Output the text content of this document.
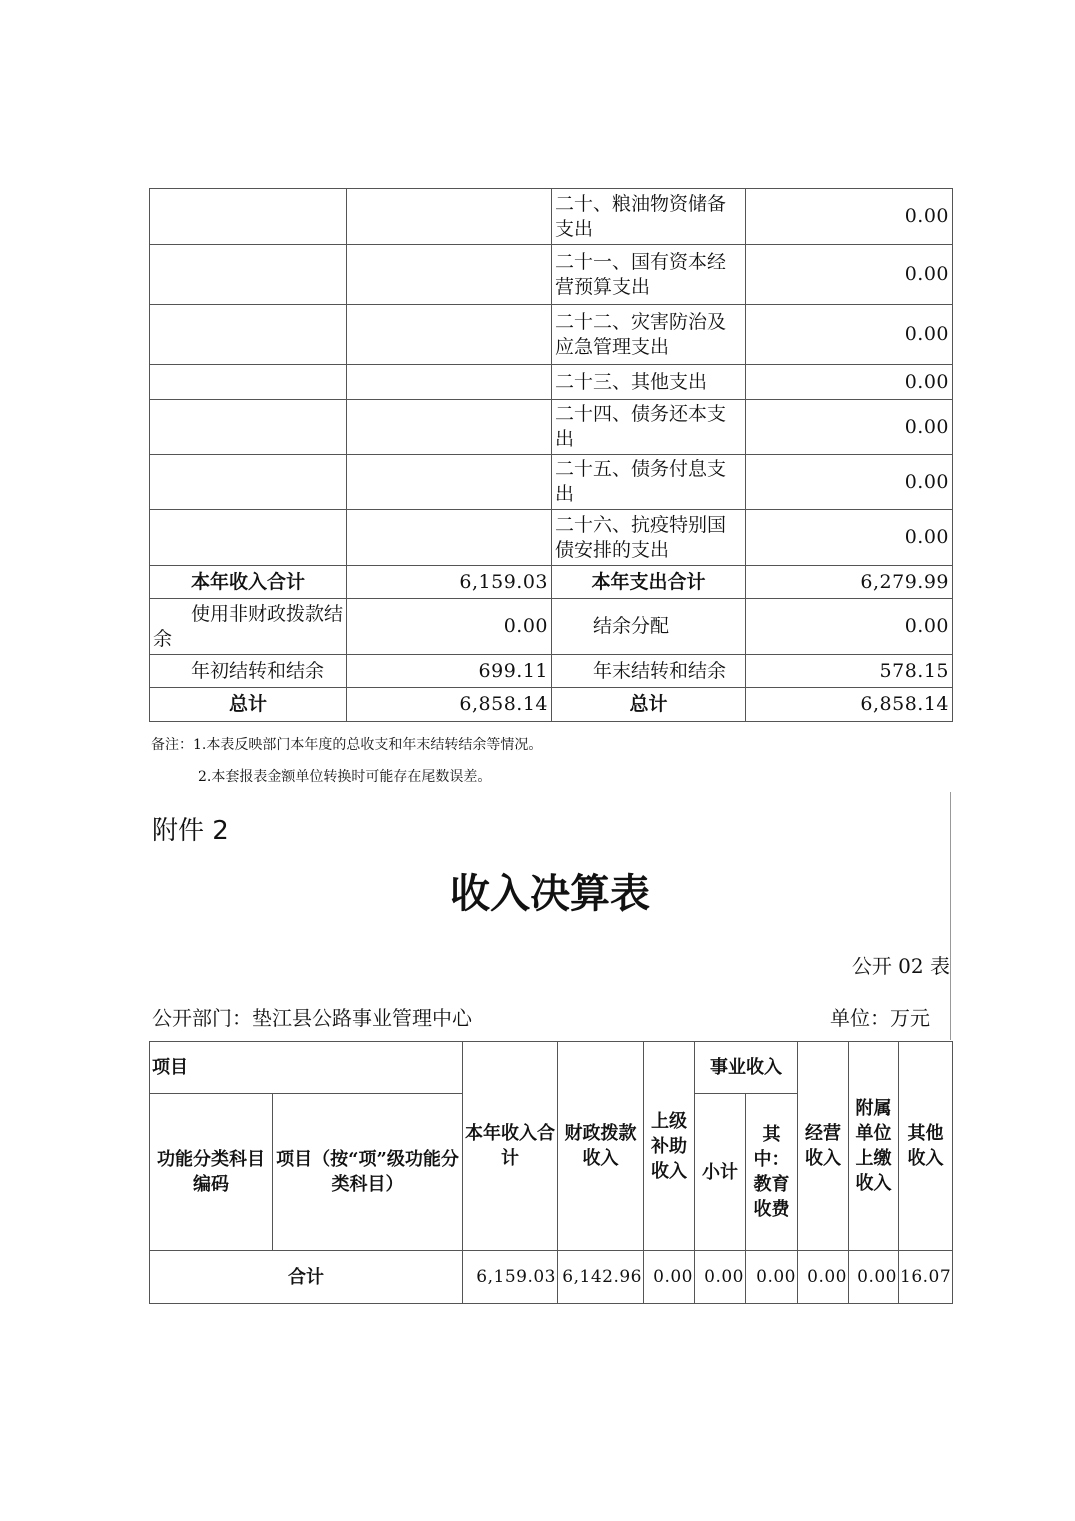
		二十、粮油物资储备支出	0.00
		二十一、国有资本经营预算支出	0.00
		二十二、灾害防治及应急管理支出	0.00
		二十三、其他支出	0.00
		二十四、债务还本支出	0.00
		二十五、债务付息支出	0.00
		二十六、抗疫特别国债安排的支出	0.00
本年收入合计	6,159.03	本年支出合计	6,279.99
使用非财政拨款结余	0.00	结余分配	0.00
年初结转和结余	699.11	年末结转和结余	578.15
总计	6,858.14	总计	6,858.14
备注：1.本表反映部门本年度的总收支和年末结转结余等情况。
2.本套报表金额单位转换时可能存在尾数误差。
附件 2
收入决算表
公开 02 表
公开部门：垫江县公路事业管理中心	单位：万元
项目		本年收入合计	财政拨款收入	上级补助收入	事业收入		经营收入	附属单位上缴收入	其他收入
功能分类科目编码	项目（按“项”级功能分类科目）				小计	其中：教育收费			
合计		6,159.03	6,142.96	0.00	0.00	0.00	0.00	0.00	16.07
